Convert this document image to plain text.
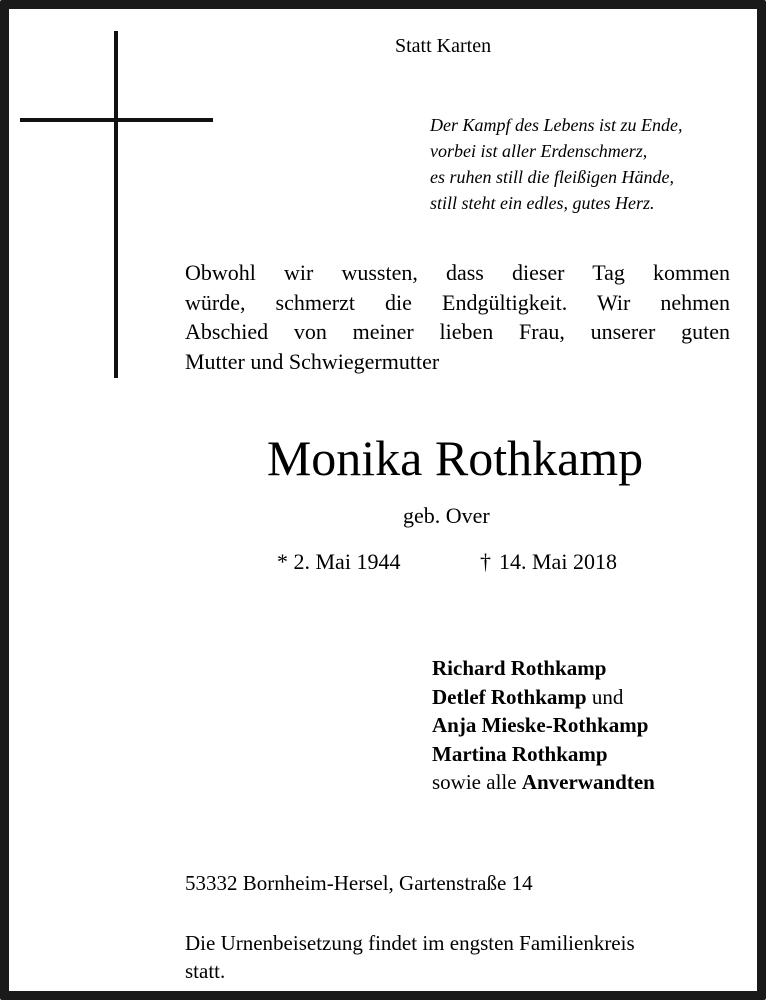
Statt Karten
Der Kampf des Lebens ist zu Ende,
vorbei ist aller Erdenschmerz,
es ruhen still die fleißigen Hände,
still steht ein edles, gutes Herz.
Obwohl wir wussten, dass dieser Tag kommen
würde, schmerzt die Endgültigkeit. Wir nehmen
Abschied von meiner lieben Frau, unserer guten
Mutter und Schwiegermutter
Monika Rothkamp
geb. Over
* 2. Mai 1944	† 14. Mai 2018
Richard Rothkamp
Detlef Rothkamp und
Anja Mieske-Rothkamp
Martina Rothkamp
sowie alle Anverwandten
53332 Bornheim-Hersel, Gartenstraße 14
Die Urnenbeisetzung findet im engsten Familienkreis
statt.
